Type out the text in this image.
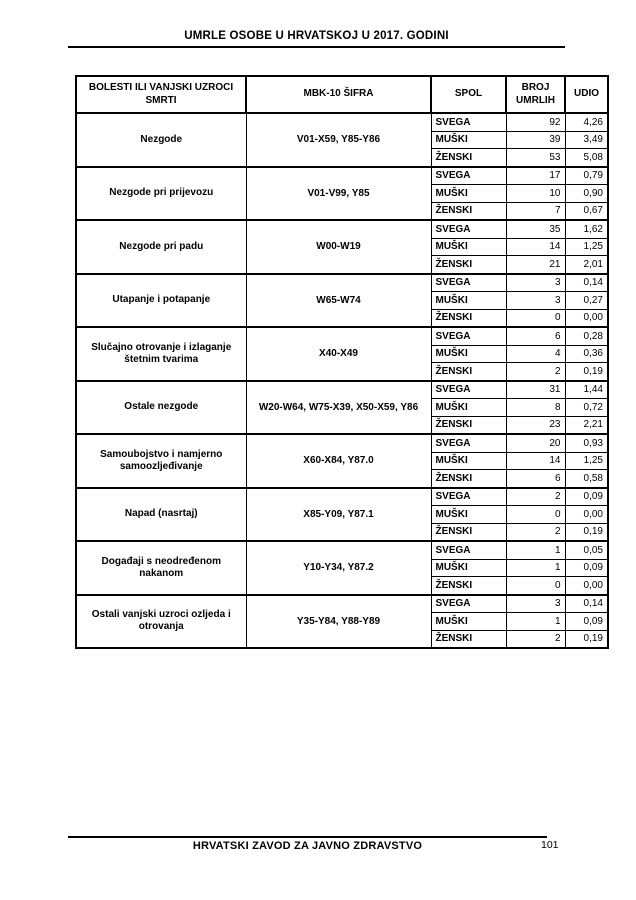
UMRLE OSOBE U HRVATSKOJ U 2017. GODINI
BOLESTI ILI VANJSKI UZROCI SMRTI	MBK-10 ŠIFRA	SPOL	BROJ UMRLIH	UDIO
Nezgode	V01-X59, Y85-Y86	SVEGA	92	4,26
		MUŠKI	39	3,49
		ŽENSKI	53	5,08
Nezgode pri prijevozu	V01-V99, Y85	SVEGA	17	0,79
		MUŠKI	10	0,90
		ŽENSKI	7	0,67
Nezgode pri padu	W00-W19	SVEGA	35	1,62
		MUŠKI	14	1,25
		ŽENSKI	21	2,01
Utapanje i potapanje	W65-W74	SVEGA	3	0,14
		MUŠKI	3	0,27
		ŽENSKI	0	0,00
Slučajno otrovanje i izlaganje štetnim tvarima	X40-X49	SVEGA	6	0,28
		MUŠKI	4	0,36
		ŽENSKI	2	0,19
Ostale nezgode	W20-W64, W75-X39, X50-X59, Y86	SVEGA	31	1,44
		MUŠKI	8	0,72
		ŽENSKI	23	2,21
Samoubojstvo i namjerno samoozljeđivanje	X60-X84, Y87.0	SVEGA	20	0,93
		MUŠKI	14	1,25
		ŽENSKI	6	0,58
Napad (nasrtaj)	X85-Y09, Y87.1	SVEGA	2	0,09
		MUŠKI	0	0,00
		ŽENSKI	2	0,19
Događaji s neodređenom nakanom	Y10-Y34, Y87.2	SVEGA	1	0,05
		MUŠKI	1	0,09
		ŽENSKI	0	0,00
Ostali vanjski uzroci ozljeda i otrovanja	Y35-Y84, Y88-Y89	SVEGA	3	0,14
		MUŠKI	1	0,09
		ŽENSKI	2	0,19
HRVATSKI ZAVOD ZA JAVNO ZDRAVSTVO	101
